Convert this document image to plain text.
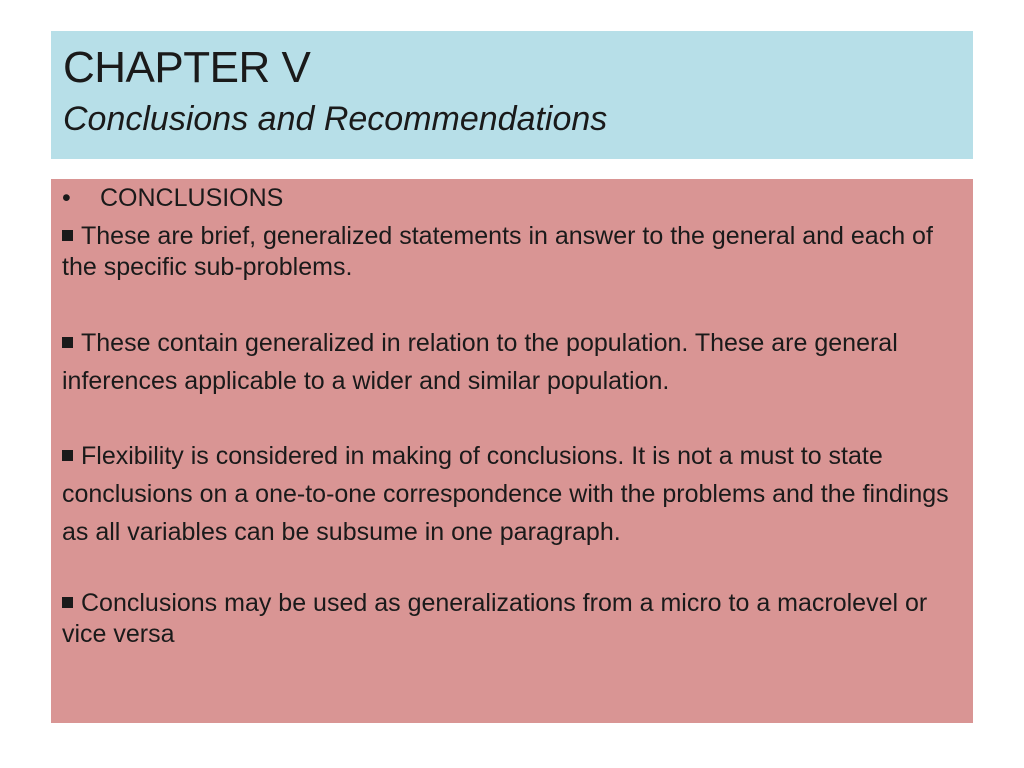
CHAPTER V
Conclusions and Recommendations
•	CONCLUSIONS

These are brief, generalized statements in answer to the general and each of the specific sub-problems.

These contain generalized in relation to the population. These are general inferences applicable to a wider and similar population.

Flexibility is considered in making of conclusions. It is not a must to state conclusions on a one-to-one correspondence with the problems and the findings as all variables can be subsume in one paragraph.

Conclusions may be used as generalizations from a micro to a macrolevel or vice versa
